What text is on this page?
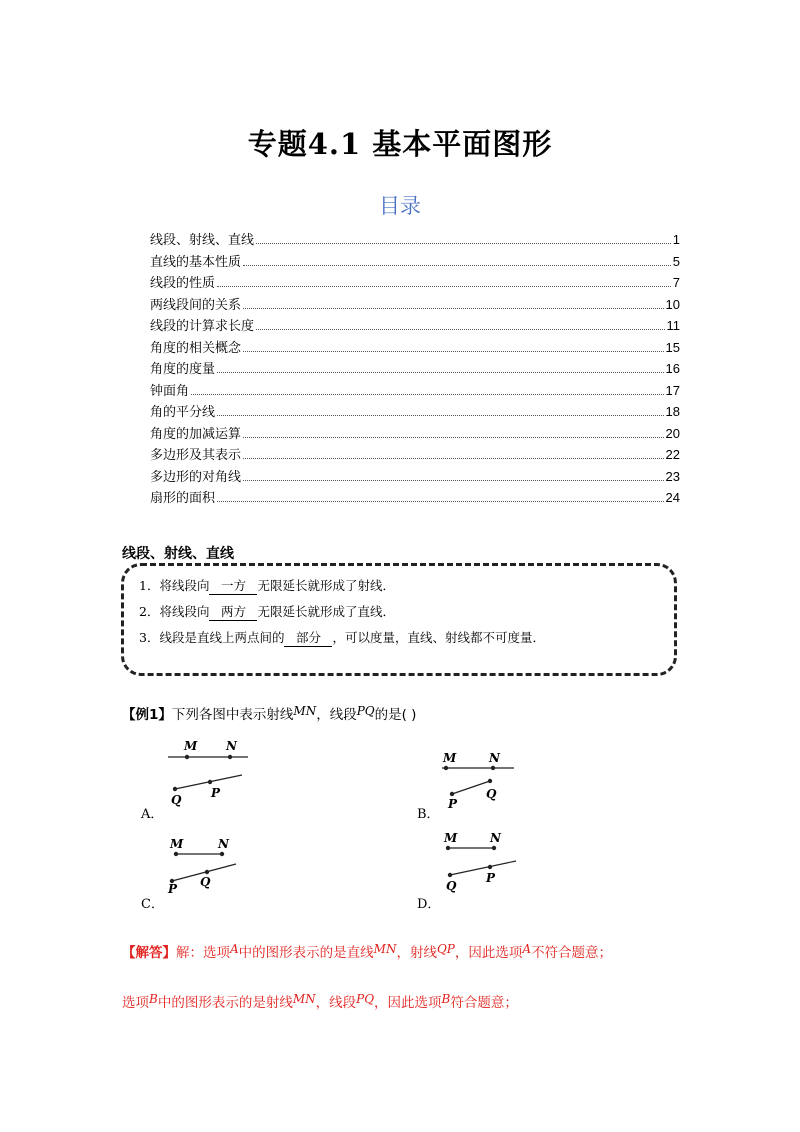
专题4.1 基本平面图形
目录
线段、射线、直线	1
直线的基本性质	5
线段的性质	7
两线段间的关系	10
线段的计算求长度	11
角度的相关概念	15
角度的度量	16
钟面角	17
角的平分线	18
角度的加减运算	20
多边形及其表示	22
多边形的对角线	23
扇形的面积	24
线段、射线、直线
1．将线段向 一方 无限延长就形成了射线．
2．将线段向 两方 无限延长就形成了直线．
3．线段是直线上两点间的 部分 ，可以度量，直线、射线都不可度量．
【例1】下列各图中表示射线MN，线段PQ的是( )
M N
Q P
A．
M	N
P
Q
B．
M	N
P Q
C．
M	N
Q
P
D．
【解答】解：选项A中的图形表示的是直线MN，射线QP，因此选项A不符合题意；
选项B中的图形表示的是射线MN，线段PQ，因此选项B符合题意；
